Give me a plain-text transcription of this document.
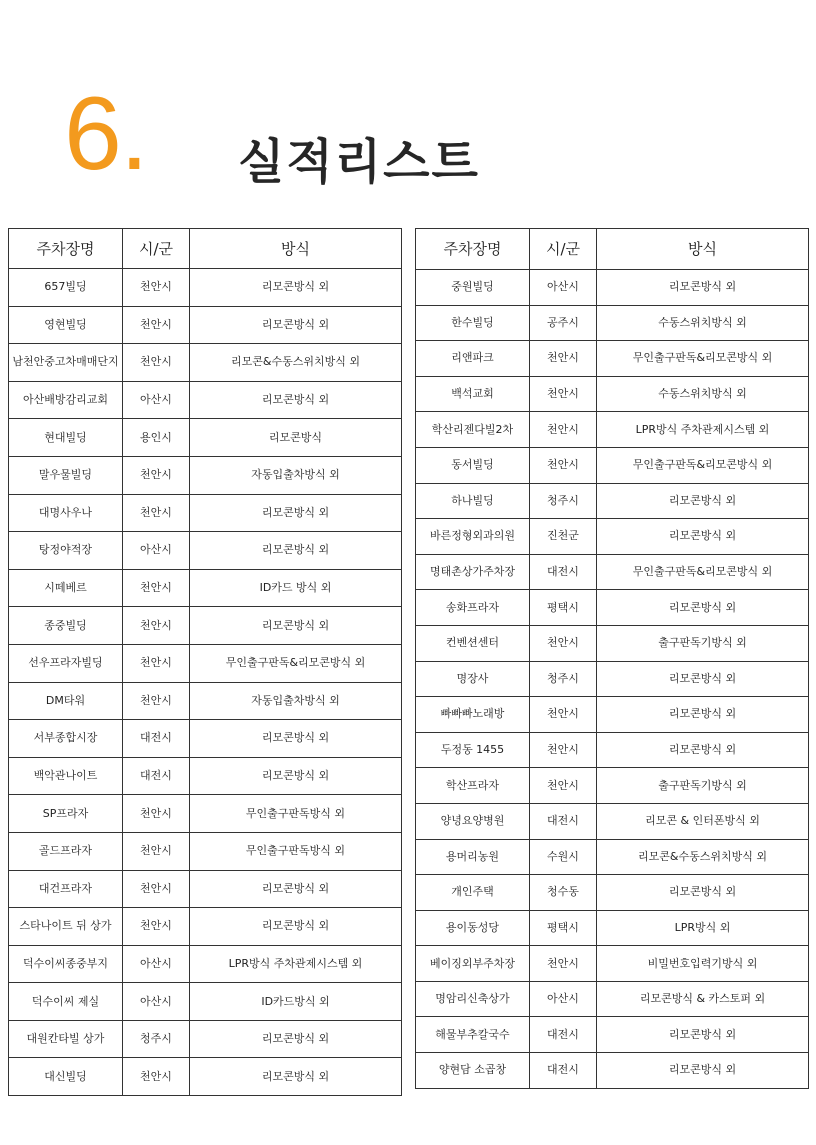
6. 실적리스트
주차장명	시/군	방식
657빌딩	천안시	리모콘방식 외
영현빌딩	천안시	리모콘방식 외
남천안중고차매매단지	천안시	리모콘&수동스위치방식 외
아산배방감리교회	아산시	리모콘방식 외
현대빌딩	용인시	리모콘방식
말우물빌딩	천안시	자동입출차방식 외
대명사우나	천안시	리모콘방식 외
탕정야적장	아산시	리모콘방식 외
시떼베르	천안시	ID카드 방식 외
종중빌딩	천안시	리모콘방식 외
선우프라자빌딩	천안시	무인출구판독&리모콘방식 외
DM타워	천안시	자동입출차방식 외
서부종합시장	대전시	리모콘방식 외
백악관나이트	대전시	리모콘방식 외
SP프라자	천안시	무인출구판독방식 외
골드프라자	천안시	무인출구판독방식 외
대건프라자	천안시	리모콘방식 외
스타나이트 뒤 상가	천안시	리모콘방식 외
덕수이씨종중부지	아산시	LPR방식 주차관제시스템 외
덕수이씨 제실	아산시	ID카드방식 외
대원칸타빌 상가	청주시	리모콘방식 외
대신빌딩	천안시	리모콘방식 외
주차장명	시/군	방식
중원빌딩	아산시	리모콘방식 외
한수빌딩	공주시	수동스위치방식 외
리앤파크	천안시	무인출구판독&리모콘방식 외
백석교회	천안시	수동스위치방식 외
학산리젠다빌2차	천안시	LPR방식 주차관제시스템 외
동서빌딩	천안시	무인출구판독&리모콘방식 외
하나빌딩	청주시	리모콘방식 외
바른정형외과의원	진천군	리모콘방식 외
명태촌상가주차장	대전시	무인출구판독&리모콘방식 외
송화프라자	평택시	리모콘방식 외
컨벤션센터	천안시	출구판독기방식 외
명장사	청주시	리모콘방식 외
빠빠빠노래방	천안시	리모콘방식 외
두정동 1455	천안시	리모콘방식 외
학산프라자	천안시	출구판독기방식 외
양녕요양병원	대전시	리모콘 & 인터폰방식 외
용머리농원	수원시	리모콘&수동스위치방식 외
개인주택	청수동	리모콘방식 외
용이동성당	평택시	LPR방식 외
베이징외부주차장	천안시	비밀번호입력기방식 외
명암리신축상가	아산시	리모콘방식 & 카스토퍼 외
해물부추칼국수	대전시	리모콘방식 외
양현담 소곱창	대전시	리모콘방식 외
